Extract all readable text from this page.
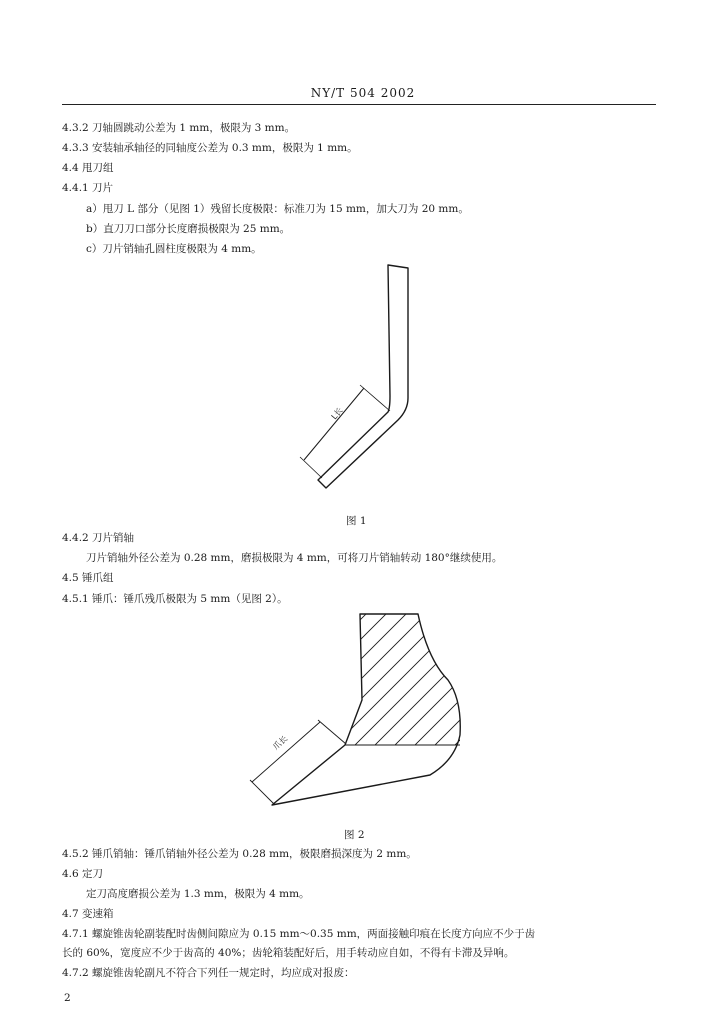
NY/T 504 2002
4.3.2 刀轴圆跳动公差为 1 mm，极限为 3 mm。
4.3.3 安装轴承轴径的同轴度公差为 0.3 mm，极限为 1 mm。
4.4 甩刀组
4.4.1 刀片
a）甩刀 L 部分（见图 1）残留长度极限：标准刀为 15 mm，加大刀为 20 mm。
b）直刀刀口部分长度磨损极限为 25 mm。
c）刀片销轴孔圆柱度极限为 4 mm。
L长
图 1
4.4.2 刀片销轴
刀片销轴外径公差为 0.28 mm，磨损极限为 4 mm，可将刀片销轴转动 180°继续使用。
4.5 锤爪组
4.5.1 锤爪：锤爪残爪极限为 5 mm（见图 2）。
爪长
图 2
4.5.2 锤爪销轴：锤爪销轴外径公差为 0.28 mm，极限磨损深度为 2 mm。
4.6 定刀
定刀高度磨损公差为 1.3 mm，极限为 4 mm。
4.7 变速箱
4.7.1 螺旋锥齿轮副装配时齿侧间隙应为 0.15 mm～0.35 mm，两面接触印痕在长度方向应不少于齿
长的 60%，宽度应不少于齿高的 40%；齿轮箱装配好后，用手转动应自如，不得有卡滞及异响。
4.7.2 螺旋锥齿轮副凡不符合下列任一规定时，均应成对报废：
2
